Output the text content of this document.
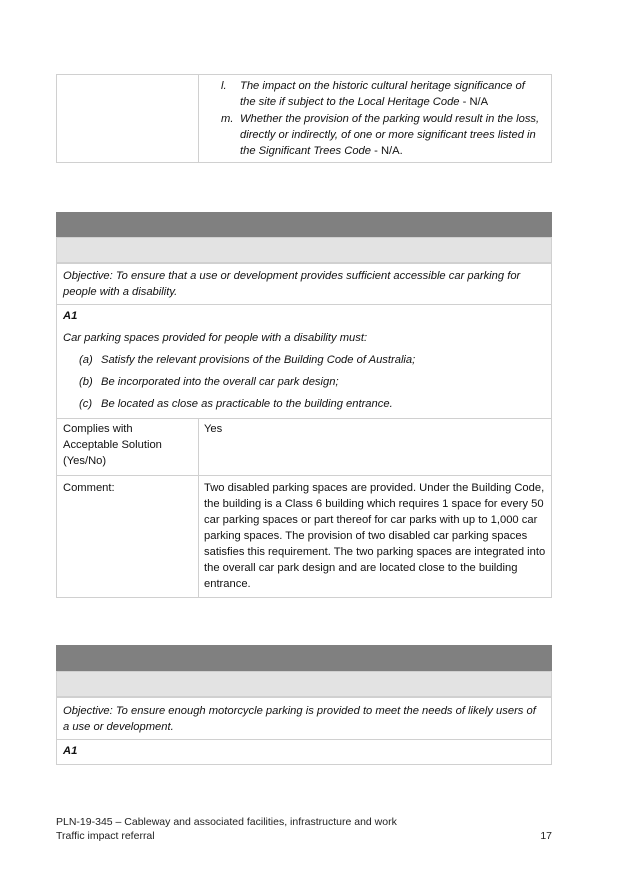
l. The impact on the historic cultural heritage significance of the site if subject to the Local Heritage Code - N/A
m. Whether the provision of the parking would result in the loss, directly or indirectly, of one or more significant trees listed in the Significant Trees Code - N/A.
Objective: To ensure that a use or development provides sufficient accessible car parking for people with a disability.
A1
Car parking spaces provided for people with a disability must:
(a) Satisfy the relevant provisions of the Building Code of Australia;
(b) Be incorporated into the overall car park design;
(c) Be located as close as practicable to the building entrance.
Complies with Acceptable Solution (Yes/No)
Yes
Comment:	Two disabled parking spaces are provided. Under the Building Code, the building is a Class 6 building which requires 1 space for every 50 car parking spaces or part thereof for car parks with up to 1,000 car parking spaces. The provision of two disabled car parking spaces satisfies this requirement. The two parking spaces are integrated into the overall car park design and are located close to the building entrance.
Objective: To ensure enough motorcycle parking is provided to meet the needs of likely users of a use or development.
A1
PLN-19-345 – Cableway and associated facilities, infrastructure and work
Traffic impact referral	17
